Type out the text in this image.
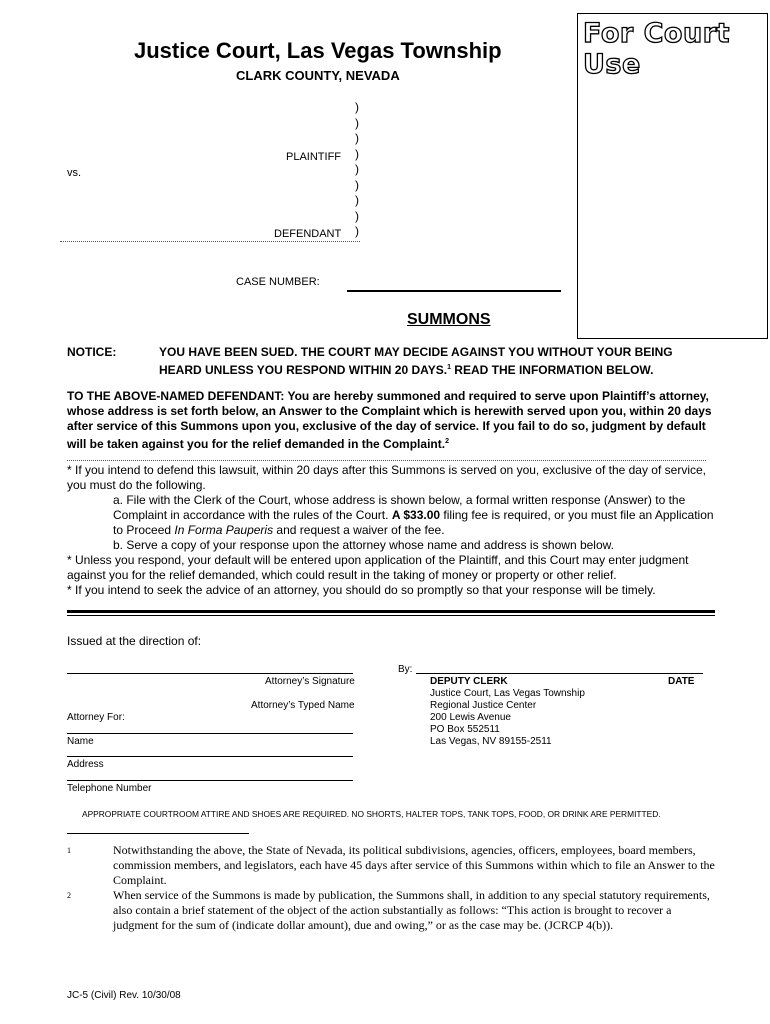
For Court Use
Justice Court, Las Vegas Township
CLARK COUNTY, NEVADA
)
)
)
)
)
)
)
)
)
PLAINTIFF
vs.
DEFENDANT
CASE NUMBER:
SUMMONS
NOTICE:	YOU HAVE BEEN SUED. THE COURT MAY DECIDE AGAINST YOU WITHOUT YOUR BEING
HEARD UNLESS YOU RESPOND WITHIN 20 DAYS.$^1$ READ THE INFORMATION BELOW.
TO THE ABOVE-NAMED DEFENDANT: You are hereby summoned and required to serve upon Plaintiff’s attorney, whose address is set forth below, an Answer to the Complaint which is herewith served upon you, within 20 days after service of this Summons upon you, exclusive of the day of service. If you fail to do so, judgment by default will be taken against you for the relief demanded in the Complaint.$^2$
* If you intend to defend this lawsuit, within 20 days after this Summons is served on you, exclusive of the day of service, you must do the following.
a. File with the Clerk of the Court, whose address is shown below, a formal written response (Answer) to the Complaint in accordance with the rules of the Court. A $33.00 filing fee is required, or you must file an Application to Proceed In Forma Pauperis and request a waiver of the fee.
b. Serve a copy of your response upon the attorney whose name and address is shown below.
* Unless you respond, your default will be entered upon application of the Plaintiff, and this Court may enter judgment against you for the relief demanded, which could result in the taking of money or property or other relief.
* If you intend to seek the advice of an attorney, you should do so promptly so that your response will be timely.
Issued at the direction of:
Attorney’s Signature
Attorney’s Typed Name
Attorney For:
Name
Address
Telephone Number
By:
DEPUTY CLERK	DATE
Justice Court, Las Vegas Township
Regional Justice Center
200 Lewis Avenue
PO Box 552511
Las Vegas, NV 89155-2511
APPROPRIATE COURTROOM ATTIRE AND SHOES ARE REQUIRED. NO SHORTS, HALTER TOPS, TANK TOPS, FOOD, OR DRINK ARE PERMITTED.
1	Notwithstanding the above, the State of Nevada, its political subdivisions, agencies, officers, employees, board members, commission members, and legislators, each have 45 days after service of this Summons within which to file an Answer to the Complaint.
2	When service of the Summons is made by publication, the Summons shall, in addition to any special statutory requirements, also contain a brief statement of the object of the action substantially as follows: “This action is brought to recover a judgment for the sum of (indicate dollar amount), due and owing,” or as the case may be. (JCRCP 4(b)).
JC-5 (Civil) Rev. 10/30/08
